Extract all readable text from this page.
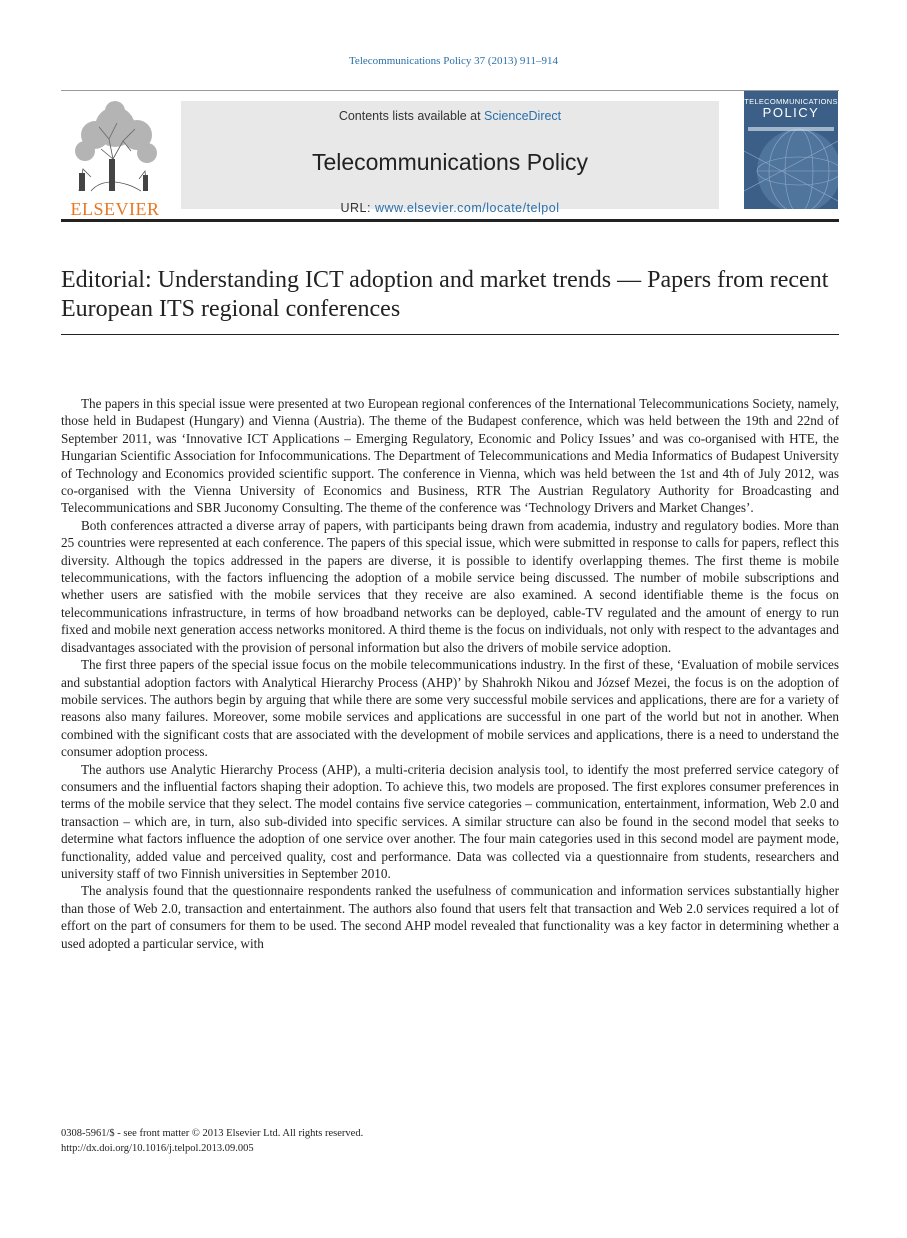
Telecommunications Policy 37 (2013) 911–914
ELSEVIER
Contents lists available at ScienceDirect
Telecommunications Policy
URL: www.elsevier.com/locate/telpol
TELECOMMUNICATIONS
POLICY
Editorial: Understanding ICT adoption and market trends — Papers from recent European ITS regional conferences

The papers in this special issue were presented at two European regional conferences of the International Telecommunications Society, namely, those held in Budapest (Hungary) and Vienna (Austria). The theme of the Budapest conference, which was held between the 19th and 22nd of September 2011, was ‘Innovative ICT Applications – Emerging Regulatory, Economic and Policy Issues’ and was co-organised with HTE, the Hungarian Scientific Association for Infocommunications. The Department of Telecommunications and Media Informatics of Budapest University of Technology and Economics provided scientific support. The conference in Vienna, which was held between the 1st and 4th of July 2012, was co-organised with the Vienna University of Economics and Business, RTR The Austrian Regulatory Authority for Broadcasting and Telecommunications and SBR Juconomy Consulting. The theme of the conference was ‘Technology Drivers and Market Changes’.

Both conferences attracted a diverse array of papers, with participants being drawn from academia, industry and regulatory bodies. More than 25 countries were represented at each conference. The papers of this special issue, which were submitted in response to calls for papers, reflect this diversity. Although the topics addressed in the papers are diverse, it is possible to identify overlapping themes. The first theme is mobile telecommunications, with the factors influencing the adoption of a mobile service being discussed. The number of mobile subscriptions and whether users are satisfied with the mobile services that they receive are also examined. A second identifiable theme is the focus on telecommunications infrastructure, in terms of how broadband networks can be deployed, cable-TV regulated and the amount of energy to run fixed and mobile next generation access networks monitored. A third theme is the focus on individuals, not only with respect to the advantages and disadvantages associated with the provision of personal information but also the drivers of mobile service adoption.

The first three papers of the special issue focus on the mobile telecommunications industry. In the first of these, ‘Evaluation of mobile services and substantial adoption factors with Analytical Hierarchy Process (AHP)’ by Shahrokh Nikou and József Mezei, the focus is on the adoption of mobile services. The authors begin by arguing that while there are some very successful mobile services and applications, there are for a variety of reasons also many failures. Moreover, some mobile services and applications are successful in one part of the world but not in another. When combined with the significant costs that are associated with the development of mobile services and applications, there is a need to understand the consumer adoption process.

The authors use Analytic Hierarchy Process (AHP), a multi-criteria decision analysis tool, to identify the most preferred service category of consumers and the influential factors shaping their adoption. To achieve this, two models are proposed. The first explores consumer preferences in terms of the mobile service that they select. The model contains five service categories – communication, entertainment, information, Web 2.0 and transaction – which are, in turn, also sub-divided into specific services. A similar structure can also be found in the second model that seeks to determine what factors influence the adoption of one service over another. The four main categories used in this second model are payment mode, functionality, added value and perceived quality, cost and performance. Data was collected via a questionnaire from students, researchers and university staff of two Finnish universities in September 2010.

The analysis found that the questionnaire respondents ranked the usefulness of communication and information services substantially higher than those of Web 2.0, transaction and entertainment. The authors also found that users felt that transaction and Web 2.0 services required a lot of effort on the part of consumers for them to be used. The second AHP model revealed that functionality was a key factor in determining whether a used adopted a particular service, with

0308-5961/$ - see front matter © 2013 Elsevier Ltd. All rights reserved.
http://dx.doi.org/10.1016/j.telpol.2013.09.005
